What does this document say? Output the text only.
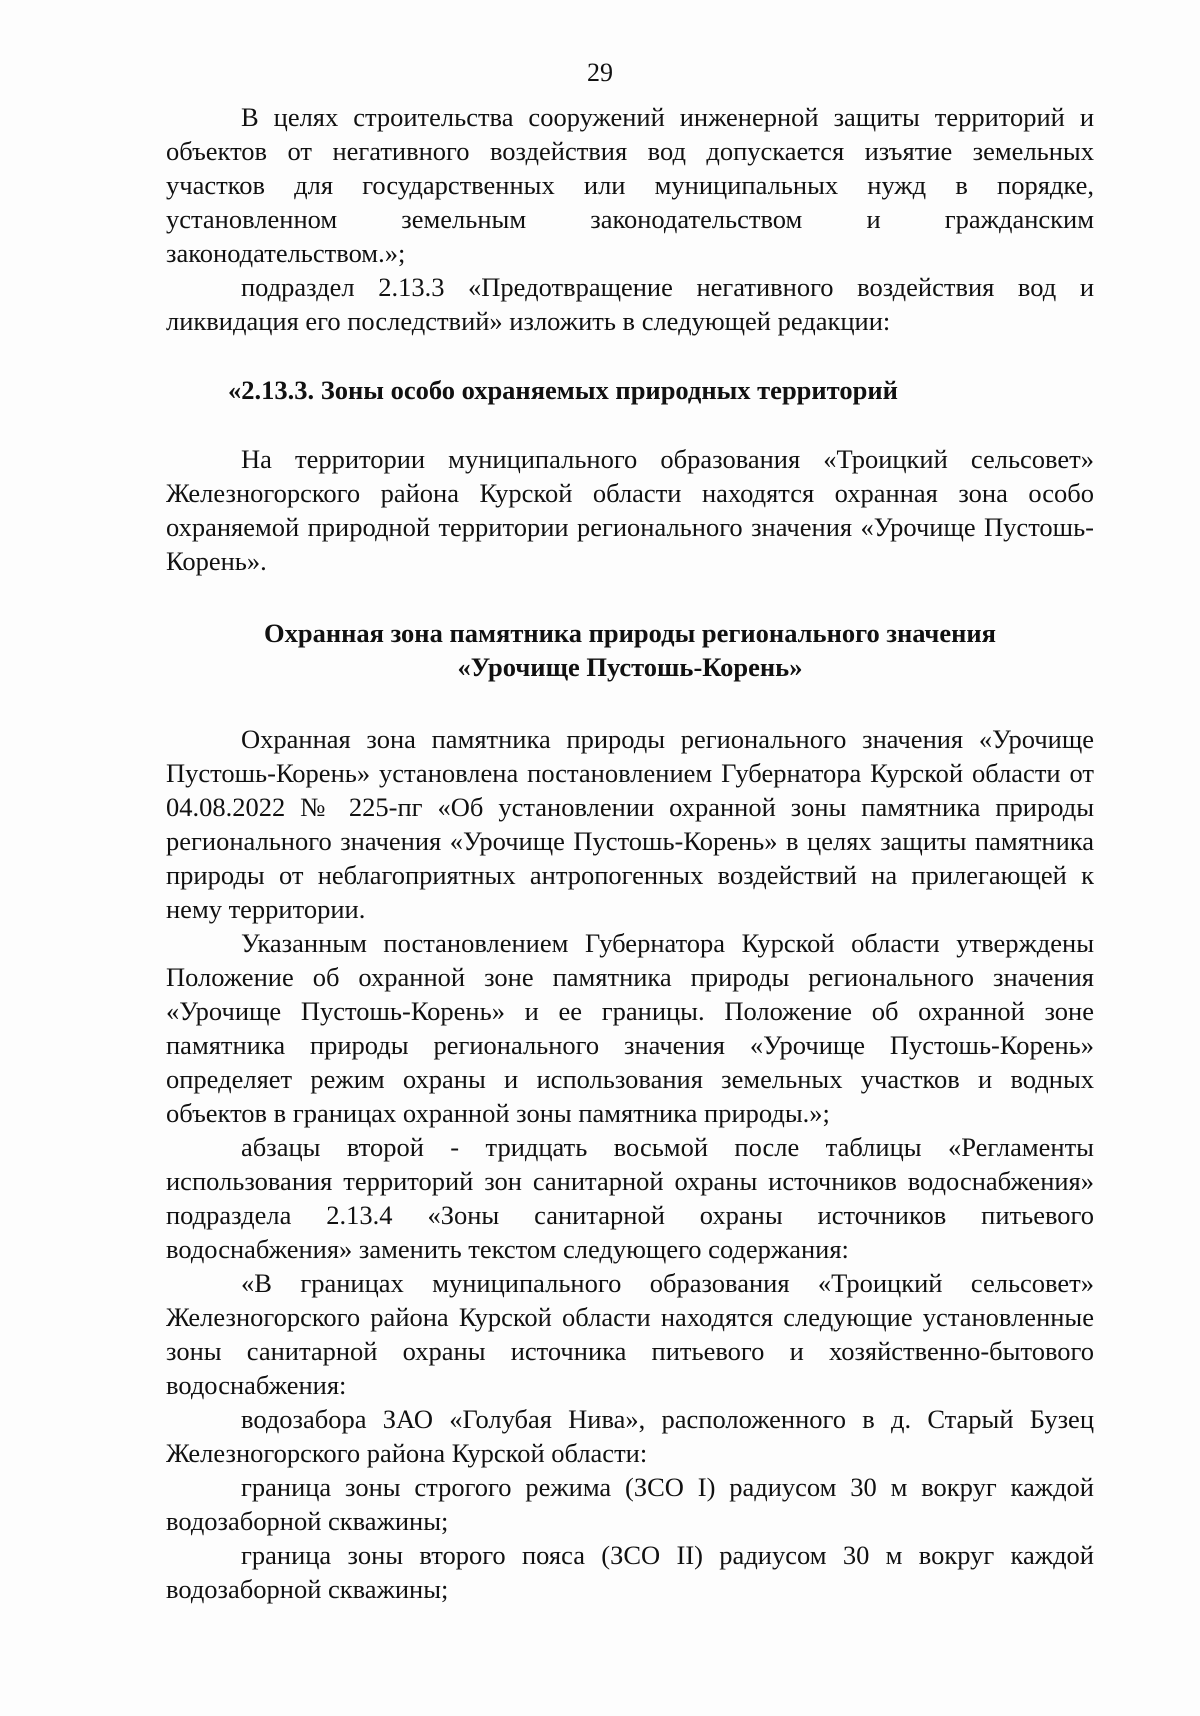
29

В целях строительства сооружений инженерной защиты территорий и объектов от негативного воздействия вод допускается изъятие земельных участков для государственных или муниципальных нужд в порядке, установленном земельным законодательством и гражданским законодательством.»;

подраздел 2.13.3 «Предотвращение негативного воздействия вод и ликвидация его последствий» изложить в следующей редакции:

«2.13.3. Зоны особо охраняемых природных территорий

На территории муниципального образования «Троицкий сельсовет» Железногорского района Курской области находятся охранная зона особо охраняемой природной территории регионального значения «Урочище Пустошь-Корень».

Охранная зона памятника природы регионального значения

«Урочище Пустошь-Корень»

Охранная зона памятника природы регионального значения «Урочище Пустошь-Корень» установлена постановлением Губернатора Курской области от 04.08.2022 № 225-пг «Об установлении охранной зоны памятника природы регионального значения «Урочище Пустошь-Корень» в целях защиты памятника природы от неблагоприятных антропогенных воздействий на прилегающей к нему территории.

Указанным постановлением Губернатора Курской области утверждены Положение об охранной зоне памятника природы регионального значения «Урочище Пустошь-Корень» и ее границы. Положение об охранной зоне памятника природы регионального значения «Урочище Пустошь-Корень» определяет режим охраны и использования земельных участков и водных объектов в границах охранной зоны памятника природы.»;

абзацы второй - тридцать восьмой после таблицы «Регламенты использования территорий зон санитарной охраны источников водоснабжения» подраздела 2.13.4 «Зоны санитарной охраны источников питьевого водоснабжения» заменить текстом следующего содержания:

«В границах муниципального образования «Троицкий сельсовет» Железногорского района Курской области находятся следующие установленные зоны санитарной охраны источника питьевого и хозяйственно-бытового водоснабжения:

водозабора ЗАО «Голубая Нива», расположенного в д. Старый Бузец Железногорского района Курской области:

граница зоны строгого режима (ЗСО I) радиусом 30 м вокруг каждой водозаборной скважины;

граница зоны второго пояса (ЗСО II) радиусом 30 м вокруг каждой водозаборной скважины;
